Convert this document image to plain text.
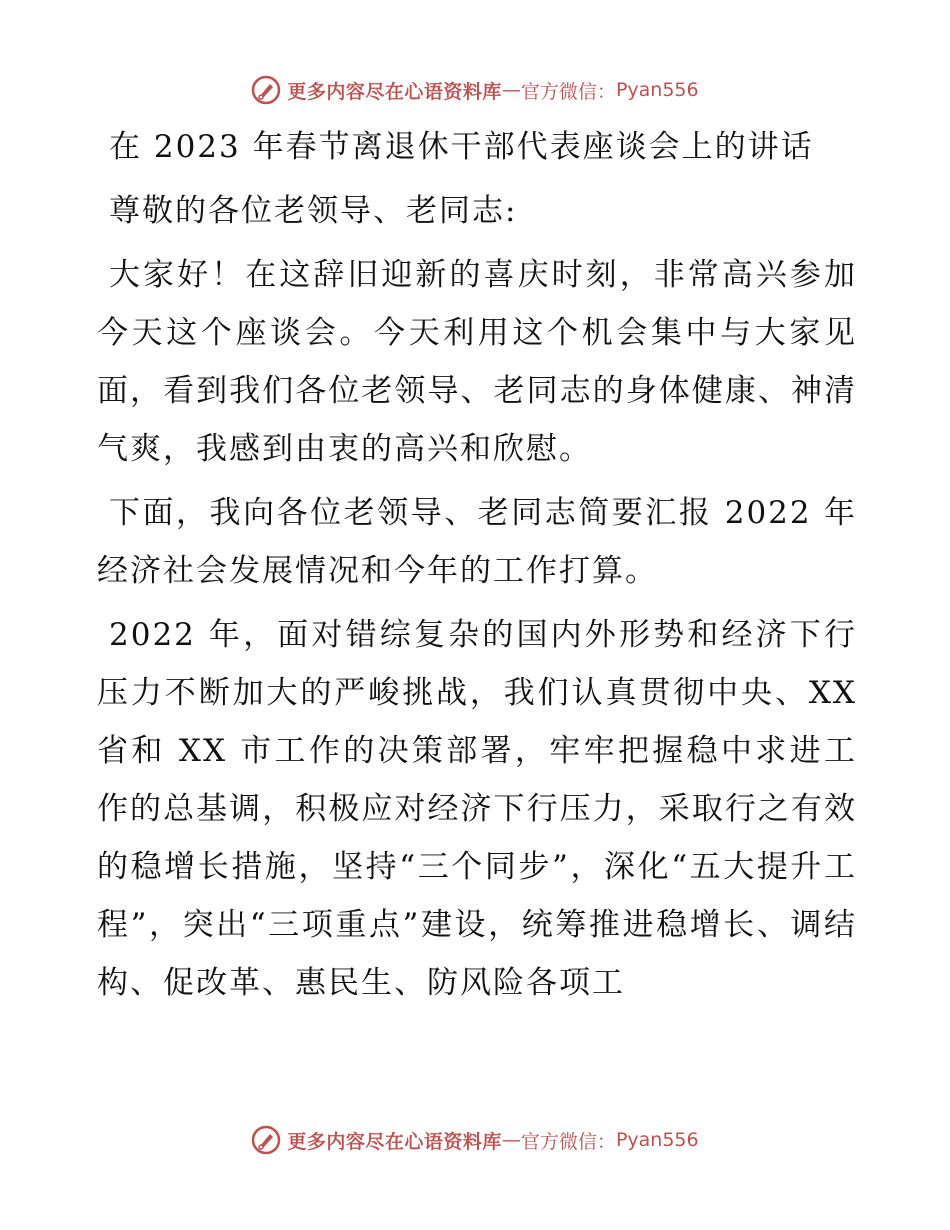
更多内容尽在心语资料库 — 官方微信： Pyan556
在 2023 年春节离退休干部代表座谈会上的讲话

尊敬的各位老领导、老同志:

大家好！在这辞旧迎新的喜庆时刻，非常高兴参加今天这个座谈会。今天利用这个机会集中与大家见面，看到我们各位老领导、老同志的身体健康、神清气爽，我感到由衷的高兴和欣慰。

下面，我向各位老领导、老同志简要汇报 2022 年经济社会发展情况和今年的工作打算。

2022 年，面对错综复杂的国内外形势和经济下行压力不断加大的严峻挑战，我们认真贯彻中央、XX 省和 XX 市工作的决策部署，牢牢把握稳中求进工作的总基调，积极应对经济下行压力，采取行之有效的稳增长措施，坚持“三个同步”，深化“五大提升工程”，突出“三项重点”建设，统筹推进稳增长、调结构、促改革、惠民生、防风险各项工

更多内容尽在心语资料库 — 官方微信： Pyan556
